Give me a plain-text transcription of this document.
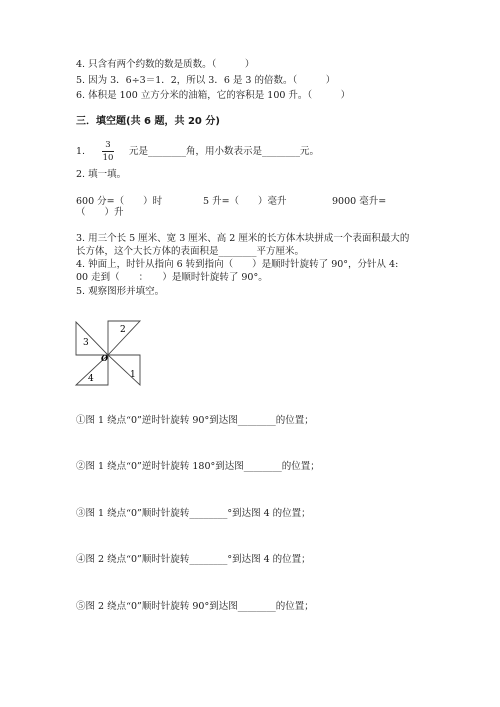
4. 只含有两个约数的数是质数。（　　　）
5. 因为 3．6÷3＝1．2，所以 3．6 是 3 的倍数。（　　　）
6. 体积是 100 立方分米的油箱，它的容积是 100 升。（　　　）
三．填空题(共 6 题，共 20 分)
1. $\frac{3}{10}$ 元是________角，用小数表示是________元。
2. 填一填。
600 分=（　　）时	5 升=（　　）毫升	9000 毫升=
（　　）升
3. 用三个长 5 厘米、宽 3 厘米、高 2 厘米的长方体木块拼成一个表面积最大的
长方体，这个大长方体的表面积是________平方厘米。
4. 钟面上，时针从指向 6 转到指向（　　）是顺时针旋转了 90°，分针从 4:
00 走到（　　：　　）是顺时针旋转了 90°。
5. 观察图形并填空。
2
3
1
4
O
①图 1 绕点“0”逆时针旋转 90°到达图________的位置；
②图 1 绕点“0”逆时针旋转 180°到达图________的位置；
③图 1 绕点“0”顺时针旋转________°到达图 4 的位置；
④图 2 绕点“0”顺时针旋转________°到达图 4 的位置；
⑤图 2 绕点“0”顺时针旋转 90°到达图________的位置；
